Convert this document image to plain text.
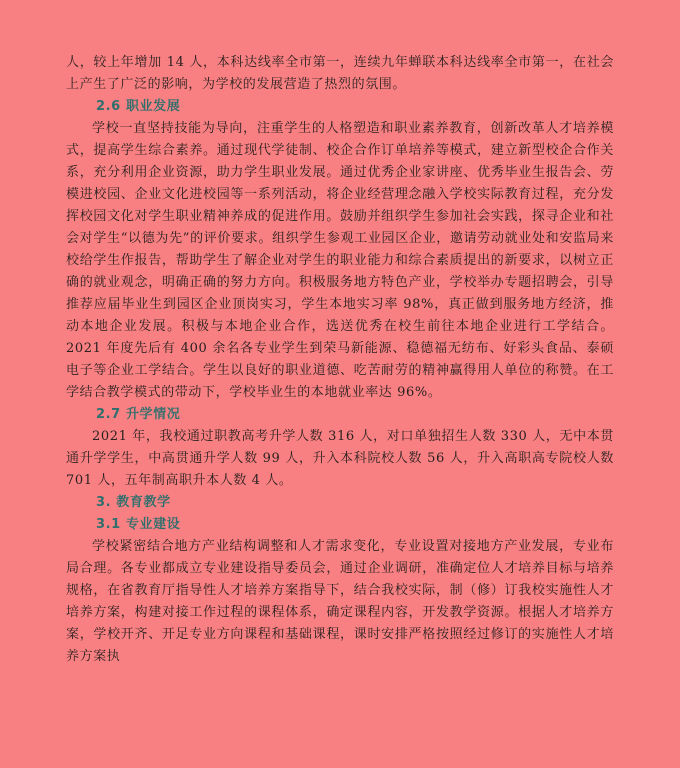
人，较上年增加 14 人，本科达线率全市第一，连续九年蝉联本科达线率全市第一，在社会上产生了广泛的影响，为学校的发展营造了热烈的氛围。

2.6 职业发展

学校一直坚持技能为导向，注重学生的人格塑造和职业素养教育，创新改革人才培养模式，提高学生综合素养。通过现代学徒制、校企合作订单培养等模式，建立新型校企合作关系，充分利用企业资源，助力学生职业发展。通过优秀企业家讲座、优秀毕业生报告会、劳模进校园、企业文化进校园等一系列活动，将企业经营理念融入学校实际教育过程，充分发挥校园文化对学生职业精神养成的促进作用。鼓励并组织学生参加社会实践，探寻企业和社会对学生“以德为先”的评价要求。组织学生参观工业园区企业，邀请劳动就业处和安监局来校给学生作报告，帮助学生了解企业对学生的职业能力和综合素质提出的新要求，以树立正确的就业观念，明确正确的努力方向。积极服务地方特色产业，学校举办专题招聘会，引导推荐应届毕业生到园区企业顶岗实习，学生本地实习率 98%，真正做到服务地方经济，推动本地企业发展。积极与本地企业合作，选送优秀在校生前往本地企业进行工学结合。2021 年度先后有 400 余名各专业学生到荣马新能源、稳德福无纺布、好彩头食品、泰硕电子等企业工学结合。学生以良好的职业道德、吃苦耐劳的精神赢得用人单位的称赞。在工学结合教学模式的带动下，学校毕业生的本地就业率达 96%。

2.7 升学情况

2021 年，我校通过职教高考升学人数 316 人，对口单独招生人数 330 人，无中本贯通升学学生，中高贯通升学人数 99 人，升入本科院校人数 56 人，升入高职高专院校人数 701 人，五年制高职升本人数 4 人。

3. 教育教学
3.1 专业建设

学校紧密结合地方产业结构调整和人才需求变化，专业设置对接地方产业发展，专业布局合理。各专业都成立专业建设指导委员会，通过企业调研，准确定位人才培养目标与培养规格，在省教育厅指导性人才培养方案指导下，结合我校实际，制（修）订我校实施性人才培养方案，构建对接工作过程的课程体系，确定课程内容，开发教学资源。根据人才培养方案，学校开齐、开足专业方向课程和基础课程，课时安排严格按照经过修订的实施性人才培养方案执
